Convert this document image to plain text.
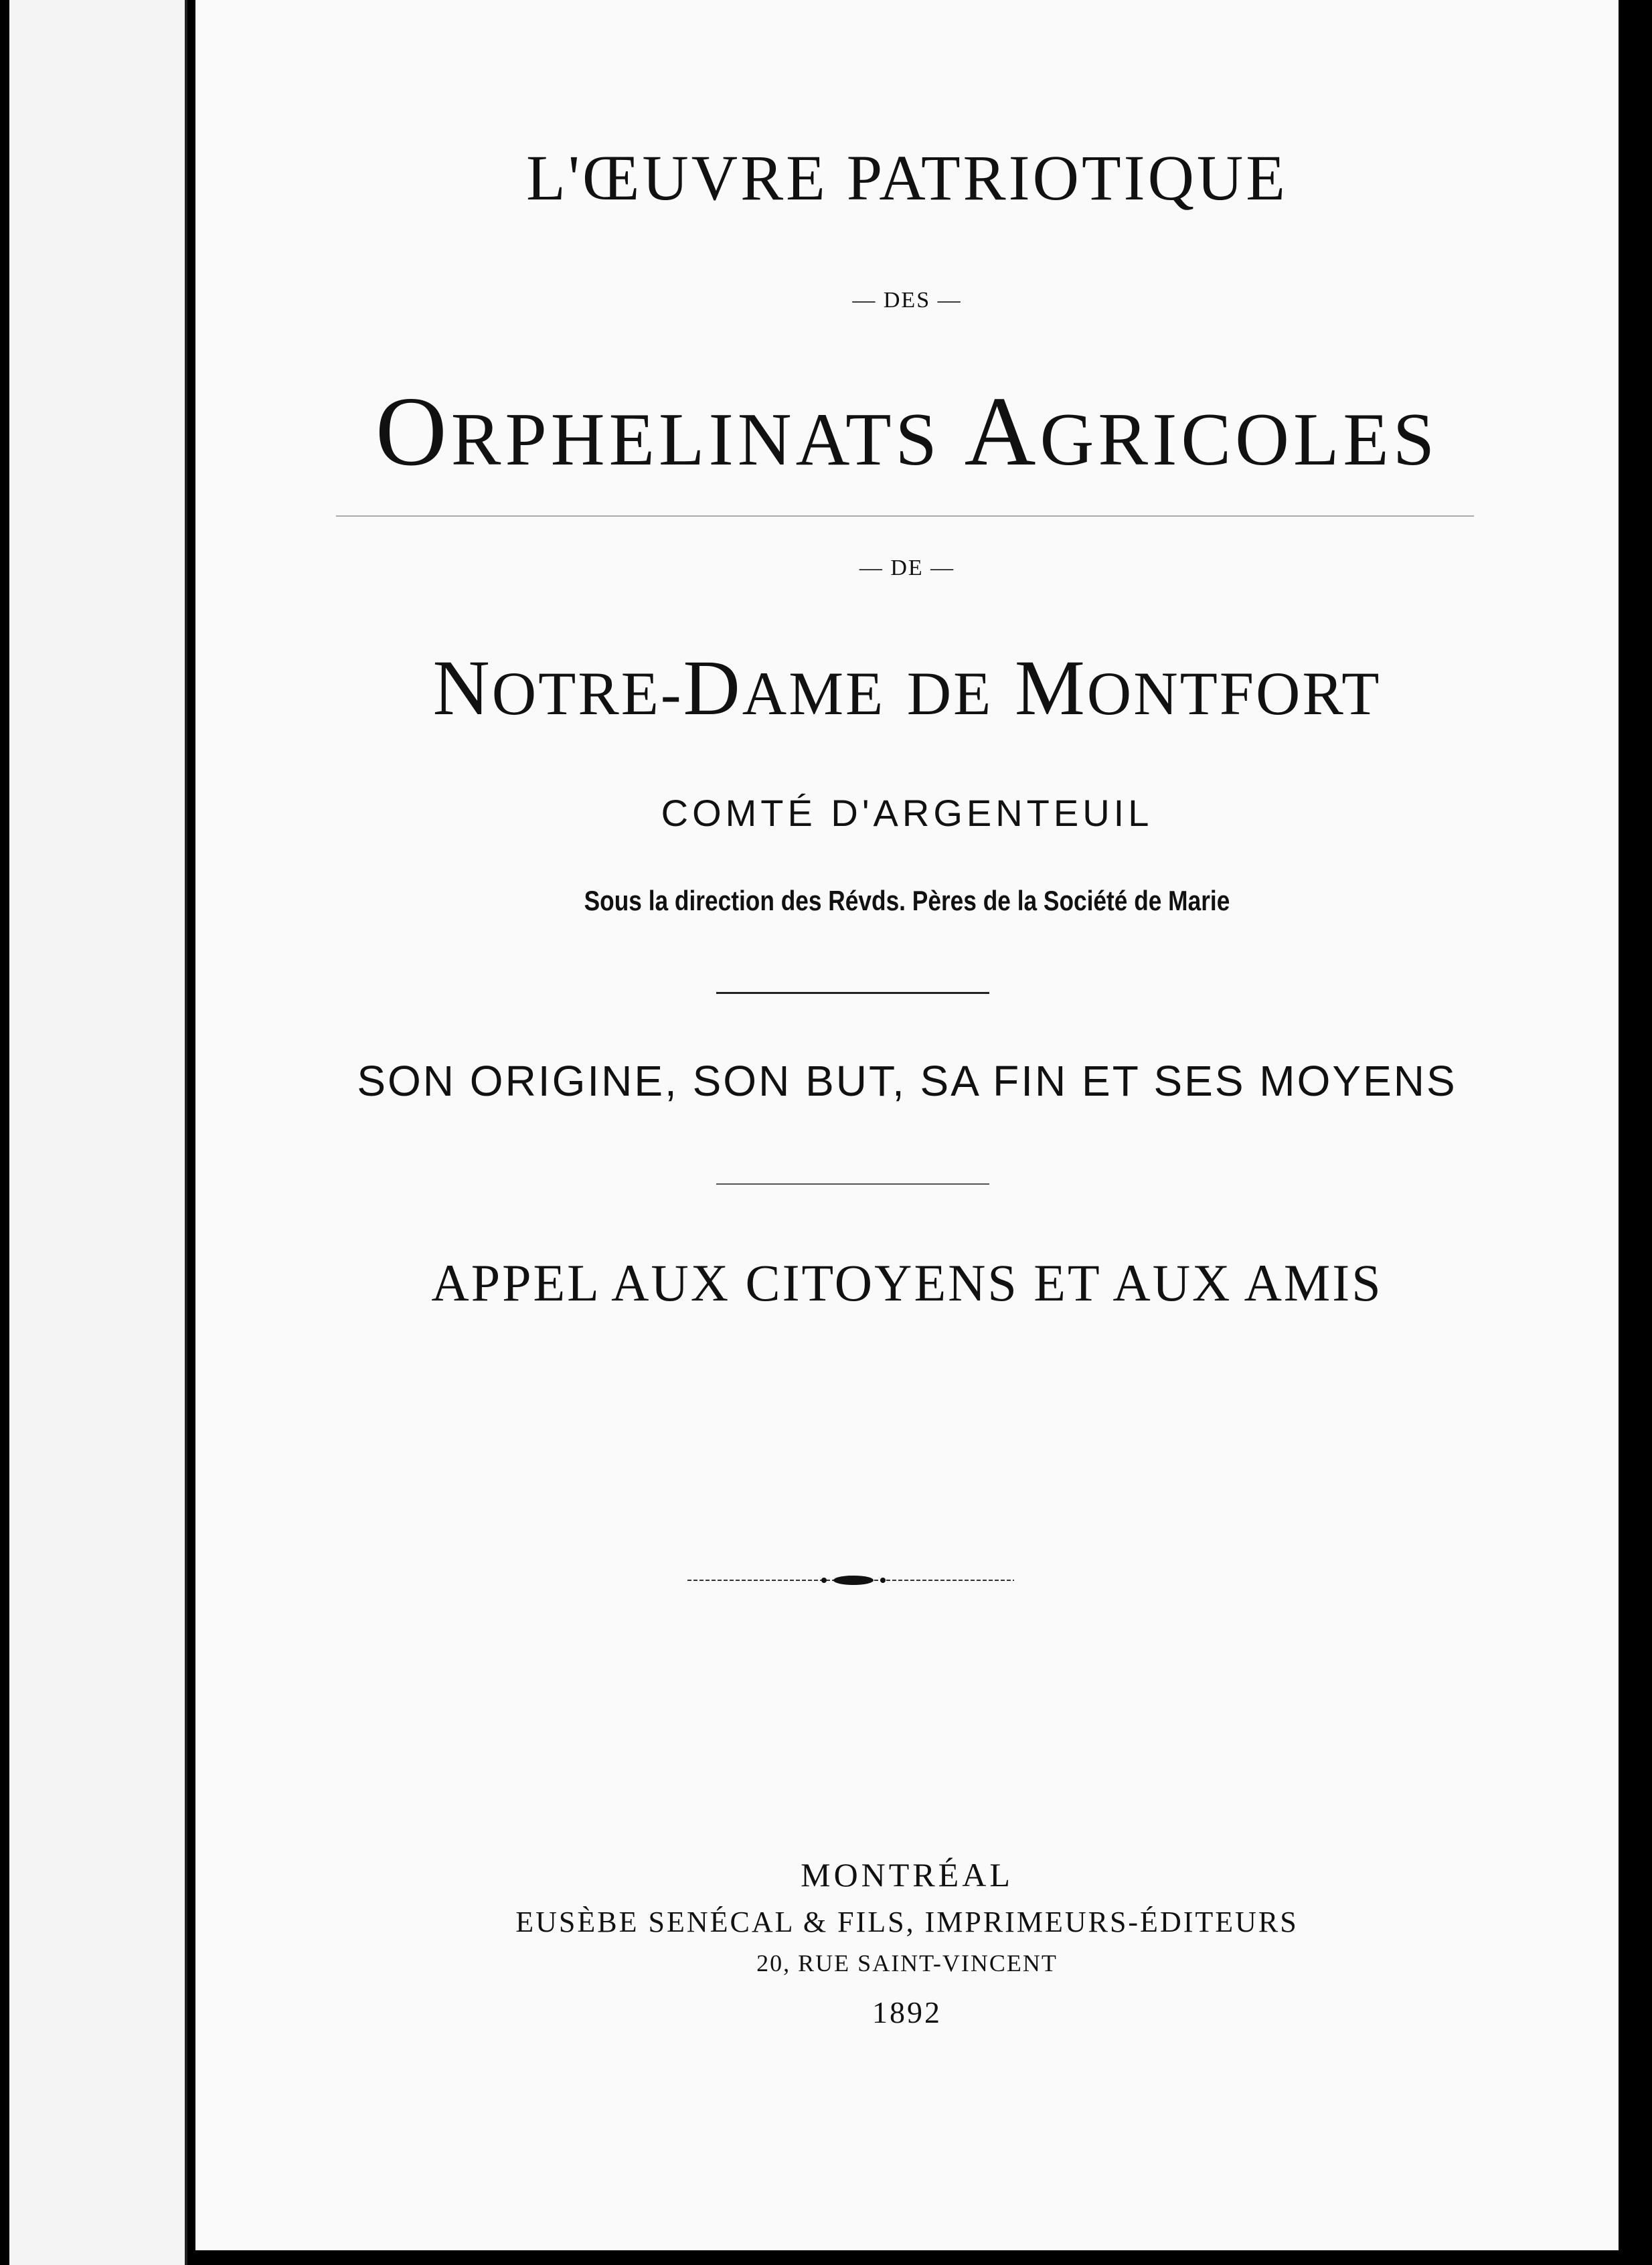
L'ŒUVRE PATRIOTIQUE
— DES —
ORPHELINATS AGRICOLES
— DE —
NOTRE-DAME DE MONTFORT
COMTÉ D'ARGENTEUIL
Sous la direction des Révds. Pères de la Société de Marie
SON ORIGINE, SON BUT, SA FIN ET SES MOYENS
APPEL AUX CITOYENS ET AUX AMIS
MONTRÉAL
EUSÈBE SENÉCAL & FILS, IMPRIMEURS-ÉDITEURS
20, RUE SAINT-VINCENT
1892
